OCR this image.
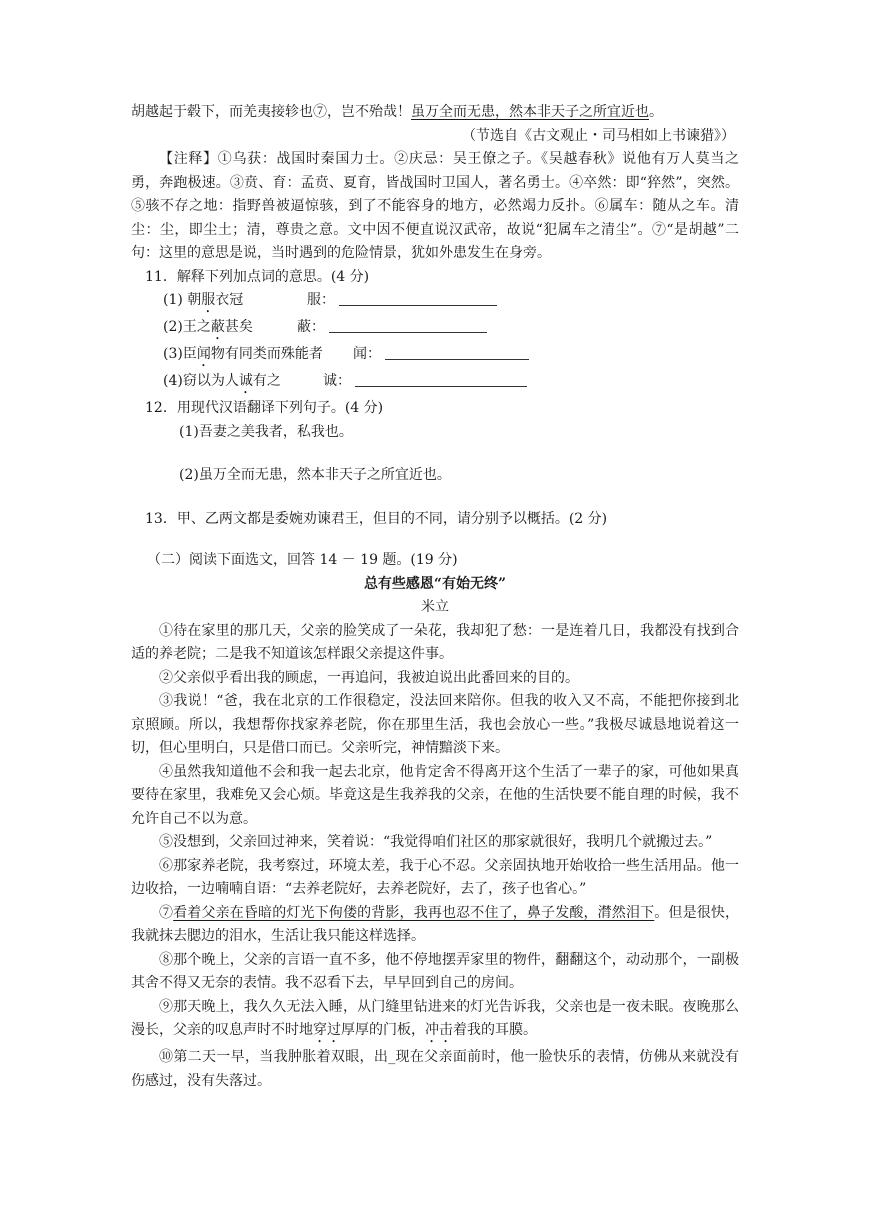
胡越起于毂下，而羌夷接轸也⑦，岂不殆哉！虽万全而无患，然本非天子之所宜近也。

（节选自《古文观止・司马相如上书谏猎》）

【注释】①乌获：战国时秦国力士。②庆忌：吴王僚之子。《吴越春秋》说他有万人莫当之勇，奔跑极速。③贲、育：孟贲、夏育，皆战国时卫国人，著名勇士。④卒然：即“猝然”，突然。⑤骇不存之地：指野兽被逼惊骇，到了不能容身的地方，必然竭力反扑。⑥属车：随从之车。清尘：尘，即尘土；清，尊贵之意。文中因不便直说汉武帝，故说“犯属车之清尘”。⑦“是胡越”二句：这里的意思是说，当时遇到的危险情景，犹如外患发生在身旁。

11．解释下列加点词的意思。(4 分)

(1) 朝服衣冠	服：

(2)王之蔽甚矣	蔽：

(3)臣闻物有同类而殊能者 闻：

(4)窃以为人诚有之	诚：

12．用现代汉语翻译下列句子。(4 分)

(1)吾妻之美我者，私我也。

(2)虽万全而无患，然本非天子之所宜近也。

13．甲、乙两文都是委婉劝谏君王，但目的不同，请分别予以概括。(2 分)

（二）阅读下面选文，回答 14 － 19 题。(19 分)

总有些感恩“有始无终”

米立

①待在家里的那几天，父亲的脸笑成了一朵花，我却犯了愁：一是连着几日，我都没有找到合适的养老院；二是我不知道该怎样跟父亲提这件事。

②父亲似乎看出我的顾虑，一再追问，我被迫说出此番回来的目的。

③我说！“爸，我在北京的工作很稳定，没法回来陪你。但我的收入又不高，不能把你接到北京照顾。所以，我想帮你找家养老院，你在那里生活，我也会放心一些。”我极尽诚恳地说着这一切，但心里明白，只是借口而已。父亲听完，神情黯淡下来。

④虽然我知道他不会和我一起去北京，他肯定舍不得离开这个生活了一辈子的家，可他如果真要待在家里，我难免又会心烦。毕竟这是生我养我的父亲，在他的生活快要不能自理的时候，我不允许自己不以为意。

⑤没想到，父亲回过神来，笑着说：“我觉得咱们社区的那家就很好，我明几个就搬过去。”

⑥那家养老院，我考察过，环境太差，我于心不忍。父亲固执地开始收拾一些生活用品。他一边收拾，一边喃喃自语：“去养老院好，去养老院好，去了，孩子也省心。”

⑦看着父亲在昏暗的灯光下佝偻的背影，我再也忍不住了，鼻子发酸，潸然泪下。但是很快，我就抹去腮边的泪水，生活让我只能这样选择。

⑧那个晚上，父亲的言语一直不多，他不停地摆弄家里的物件，翻翻这个，动动那个，一副极其舍不得又无奈的表情。我不忍看下去，早早回到自己的房间。

⑨那天晚上，我久久无法入睡，从门缝里钻进来的灯光告诉我，父亲也是一夜未眠。夜晚那么漫长，父亲的叹息声时不时地穿过厚厚的门板，冲击着我的耳膜。

⑩第二天一早，当我肿胀着双眼，出_现在父亲面前时，他一脸快乐的表情，仿佛从来就没有伤感过，没有失落过。
